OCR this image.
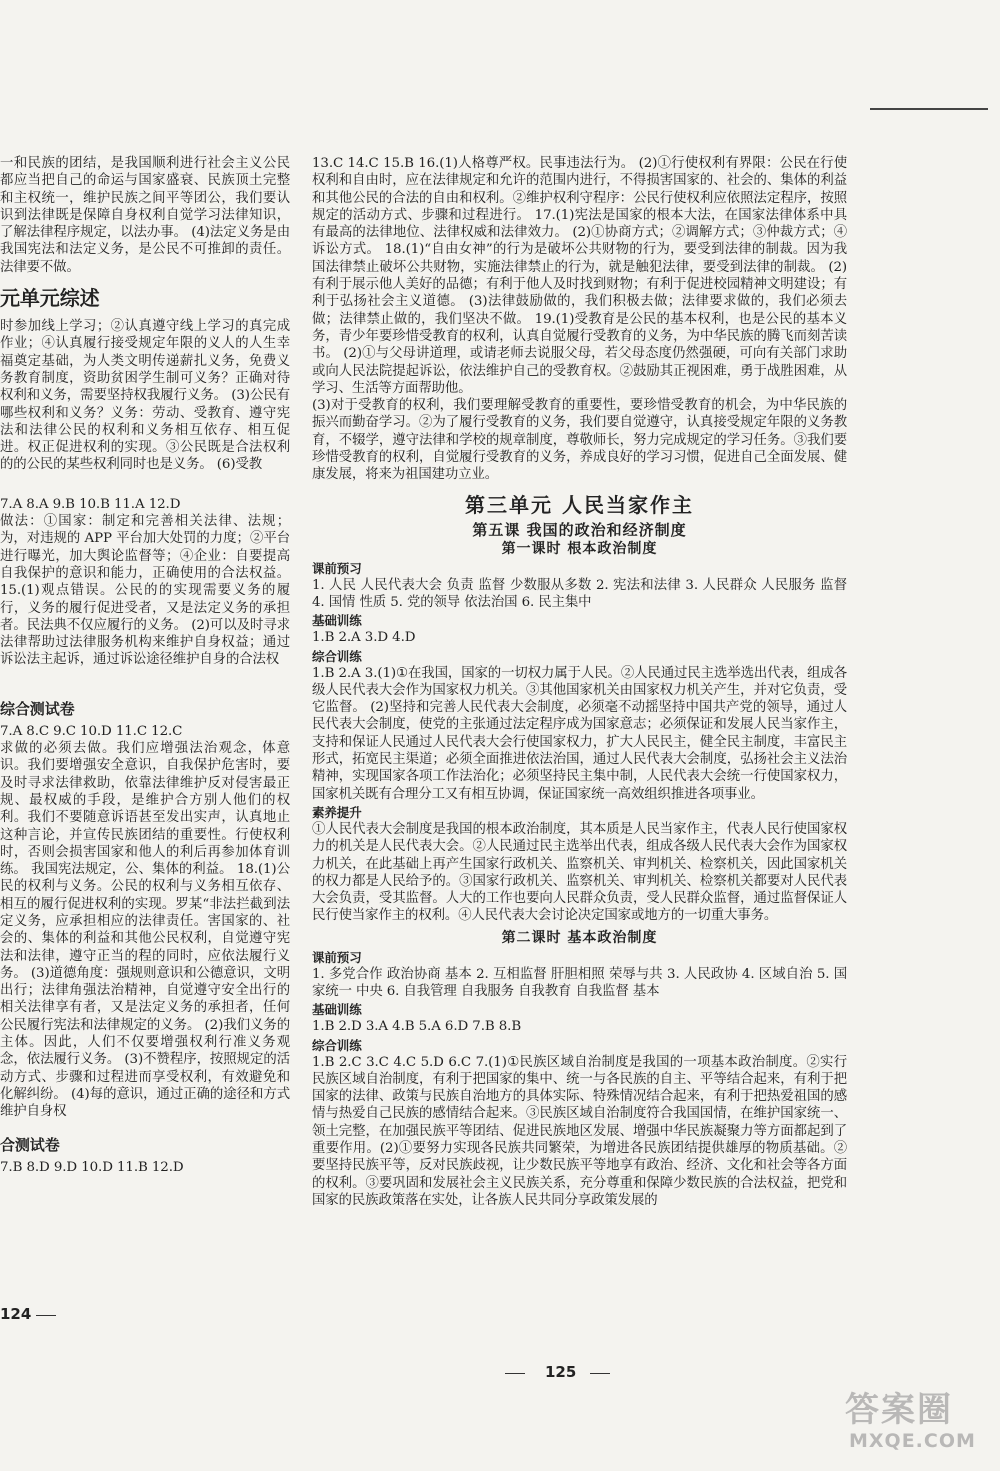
一和民族的团结，是我国顺利进行社会主义公民都应当把自己的命运与国家盛衰、民族顶土完整和主权统一，维护民族之间平等团公，我们要认识到法律既是保障自身权利自觉学习法律知识，了解法律程序规定，以法办事。 (4)法定义务是由我国宪法和法定义务，是公民不可推卸的责任。法律要不做。

元单元综述

时参加线上学习；②认真遵守线上学习的真完成作业；④认真履行接受规定年限的义人的人生幸福奠定基础，为人类文明传递薪扎义务，免费义务教育制度，资助贫困学生制可义务？正确对待权利和义务，需要坚持权我履行义务。 (3)公民有哪些权利和义务？义务：劳动、受教育、遵守宪法和法律公民的权利和义务相互依存、相互促进。权正促进权利的实现。③公民既是合法权利的的公民的某些权利同时也是义务。 (6)受教

7.A 8.A 9.B 10.B 11.A 12.D

做法：①国家：制定和完善相关法律、法规；为，对违规的 APP 平台加大处罚的力度；②平台进行曝光，加大舆论监督等；④企业：自要提高自我保护的意识和能力，正确使用的合法权益。 15.(1)观点错误。公民的的实现需要义务的履行，义务的履行促进受者，又是法定义务的承担者。民法典不仅应履行的义务。 (2)可以及时寻求法律帮助过法律服务机构来维护自身权益；通过诉讼法主起诉，通过诉讼途径维护自身的合法权

综合测试卷

7.A 8.C 9.C 10.D 11.C 12.C

求做的必须去做。我们应增强法治观念，体意识。我们要增强安全意识，自我保护危害时，要及时寻求法律救助，依靠法律维护反对侵害最正规、最权威的手段，是维护合方别人他们的权利。我们不要随意诉语甚至发出实声，认真地止这种言论，并宣传民族团结的重要性。行使权利时，否则会损害国家和他人的利后再参加体育训练。 我国宪法规定，公、集体的利益。 18.(1)公民的权利与义务。公民的权利与义务相互依存、相互的履行促进权利的实现。罗某“非法拦截到法定义务，应承担相应的法律责任。害国家的、社会的、集体的利益和其他公民权利，自觉遵守宪法和法律，遵守正当的程的同时，应依法履行义务。 (3)道德角度：强规则意识和公德意识，文明出行；法律角强法治精神，自觉遵守安全出行的相关法律享有者，又是法定义务的承担者，任何公民履行宪法和法律规定的义务。 (2)我们义务的主体。因此，人们不仅要增强权利行准义务观念，依法履行义务。 (3)不赞程序，按照规定的活动方式、步骤和过程进而享受权利，有效避免和化解纠纷。 (4)每的意识，通过正确的途径和方式维护自身权

合测试卷

7.B 8.D 9.D 10.D 11.B 12.D

13.C 14.C 15.B 16.(1)人格尊严权。民事违法行为。 (2)①行使权利有界限：公民在行使权利和自由时，应在法律规定和允许的范围内进行，不得损害国家的、社会的、集体的利益和其他公民的合法的自由和权利。②维护权利守程序：公民行使权利应依照法定程序，按照规定的活动方式、步骤和过程进行。 17.(1)宪法是国家的根本大法，在国家法律体系中具有最高的法律地位、法律权威和法律效力。 (2)①协商方式；②调解方式；③仲裁方式；④诉讼方式。 18.(1)“自由女神”的行为是破坏公共财物的行为，要受到法律的制裁。因为我国法律禁止破坏公共财物，实施法律禁止的行为，就是触犯法律，要受到法律的制裁。 (2)有利于展示他人美好的品德；有利于他人及时找到财物；有利于促进校园精神文明建设；有利于弘扬社会主义道德。 (3)法律鼓励做的，我们积极去做；法律要求做的，我们必须去做；法律禁止做的，我们坚决不做。 19.(1)受教育是公民的基本权利，也是公民的基本义务，青少年要珍惜受教育的权利，认真自觉履行受教育的义务，为中华民族的腾飞而刻苦读书。 (2)①与父母讲道理，或请老师去说服父母，若父母态度仍然强硬，可向有关部门求助或向人民法院提起诉讼，依法维护自己的受教育权。②鼓励其正视困难，勇于战胜困难，从学习、生活等方面帮助他。

(3)对于受教育的权利，我们要理解受教育的重要性，要珍惜受教育的机会，为中华民族的振兴而勤奋学习。②为了履行受教育的义务，我们要自觉遵守，认真接受规定年限的义务教育，不辍学，遵守法律和学校的规章制度，尊敬师长，努力完成规定的学习任务。③我们要珍惜受教育的权利，自觉履行受教育的义务，养成良好的学习习惯，促进自己全面发展、健康发展，将来为祖国建功立业。

第三单元 人民当家作主
第五课 我国的政治和经济制度
第一课时 根本政治制度
课前预习

1. 人民 人民代表大会 负责 监督 少数服从多数 2. 宪法和法律 3. 人民群众 人民服务 监督 4. 国情 性质 5. 党的领导 依法治国 6. 民主集中

基础训练

1.B 2.A 3.D 4.D

综合训练

1.B 2.A 3.(1)①在我国，国家的一切权力属于人民。②人民通过民主选举选出代表，组成各级人民代表大会作为国家权力机关。③其他国家机关由国家权力机关产生，并对它负责，受它监督。 (2)坚持和完善人民代表大会制度，必须毫不动摇坚持中国共产党的领导，通过人民代表大会制度，使党的主张通过法定程序成为国家意志；必须保证和发展人民当家作主，支持和保证人民通过人民代表大会行使国家权力，扩大人民民主，健全民主制度，丰富民主形式，拓宽民主渠道；必须全面推进依法治国，通过人民代表大会制度，弘扬社会主义法治精神，实现国家各项工作法治化；必须坚持民主集中制，人民代表大会统一行使国家权力，国家机关既有合理分工又有相互协调，保证国家统一高效组织推进各项事业。

素养提升

①人民代表大会制度是我国的根本政治制度，其本质是人民当家作主，代表人民行使国家权力的机关是人民代表大会。②人民通过民主选举出代表，组成各级人民代表大会作为国家权力机关，在此基础上再产生国家行政机关、监察机关、审判机关、检察机关，因此国家机关的权力都是人民给予的。③国家行政机关、监察机关、审判机关、检察机关都要对人民代表大会负责，受其监督。人大的工作也要向人民群众负责，受人民群众监督，通过监督保证人民行使当家作主的权利。④人民代表大会讨论决定国家或地方的一切重大事务。

第二课时 基本政治制度
课前预习

1. 多党合作 政治协商 基本 2. 互相监督 肝胆相照 荣辱与共 3. 人民政协 4. 区域自治 5. 国家统一 中央 6. 自我管理 自我服务 自我教育 自我监督 基本

基础训练

1.B 2.D 3.A 4.B 5.A 6.D 7.B 8.B

综合训练

1.B 2.C 3.C 4.C 5.D 6.C 7.(1)①民族区域自治制度是我国的一项基本政治制度。②实行民族区域自治制度，有利于把国家的集中、统一与各民族的自主、平等结合起来，有利于把国家的法律、政策与民族自治地方的具体实际、特殊情况结合起来，有利于把热爱祖国的感情与热爱自己民族的感情结合起来。③民族区域自治制度符合我国国情，在维护国家统一、领土完整，在加强民族平等团结、促进民族地区发展、增强中华民族凝聚力等方面都起到了重要作用。(2)①要努力实现各民族共同繁荣，为增进各民族团结提供雄厚的物质基础。②要坚持民族平等，反对民族歧视，让少数民族平等地享有政治、经济、文化和社会等各方面的权利。③要巩固和发展社会主义民族关系，充分尊重和保障少数民族的合法权益，把党和国家的民族政策落在实处，让各族人民共同分享政策发展的

124
125
答案圈
MXQE.COM
